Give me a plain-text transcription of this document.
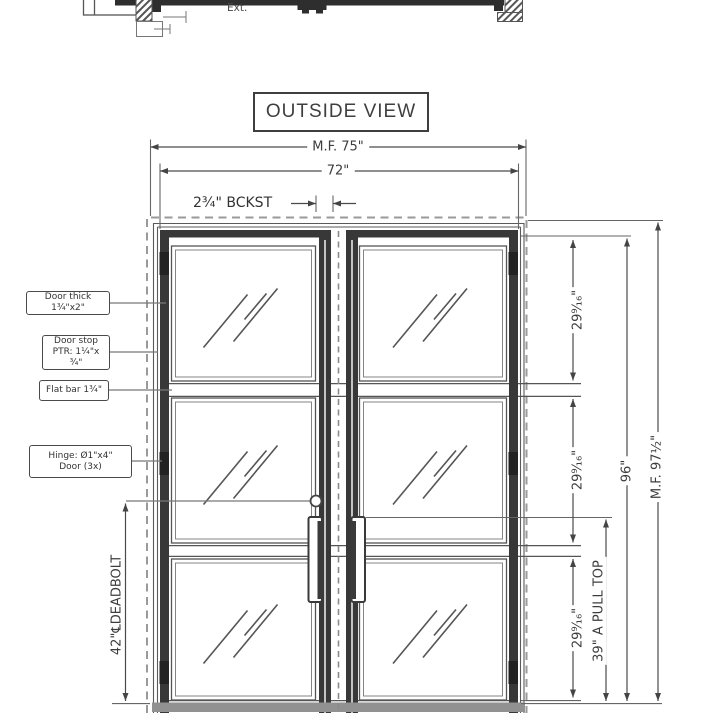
Ext.
OUTSIDE VIEW
M.F. 75"
72"
2¾" BCKST
29⁹⁄₁₆"
29⁹⁄₁₆"
29⁹⁄₁₆" 39" A PULL TOP
96" M.F. 97½"
42"℄DEADBOLT
Door thick 1¾"x2"
Door stop
PTR: 1¼"x ¾"
Flat bar 1¾"
Hinge: Ø1"x4"
Door (3x)
